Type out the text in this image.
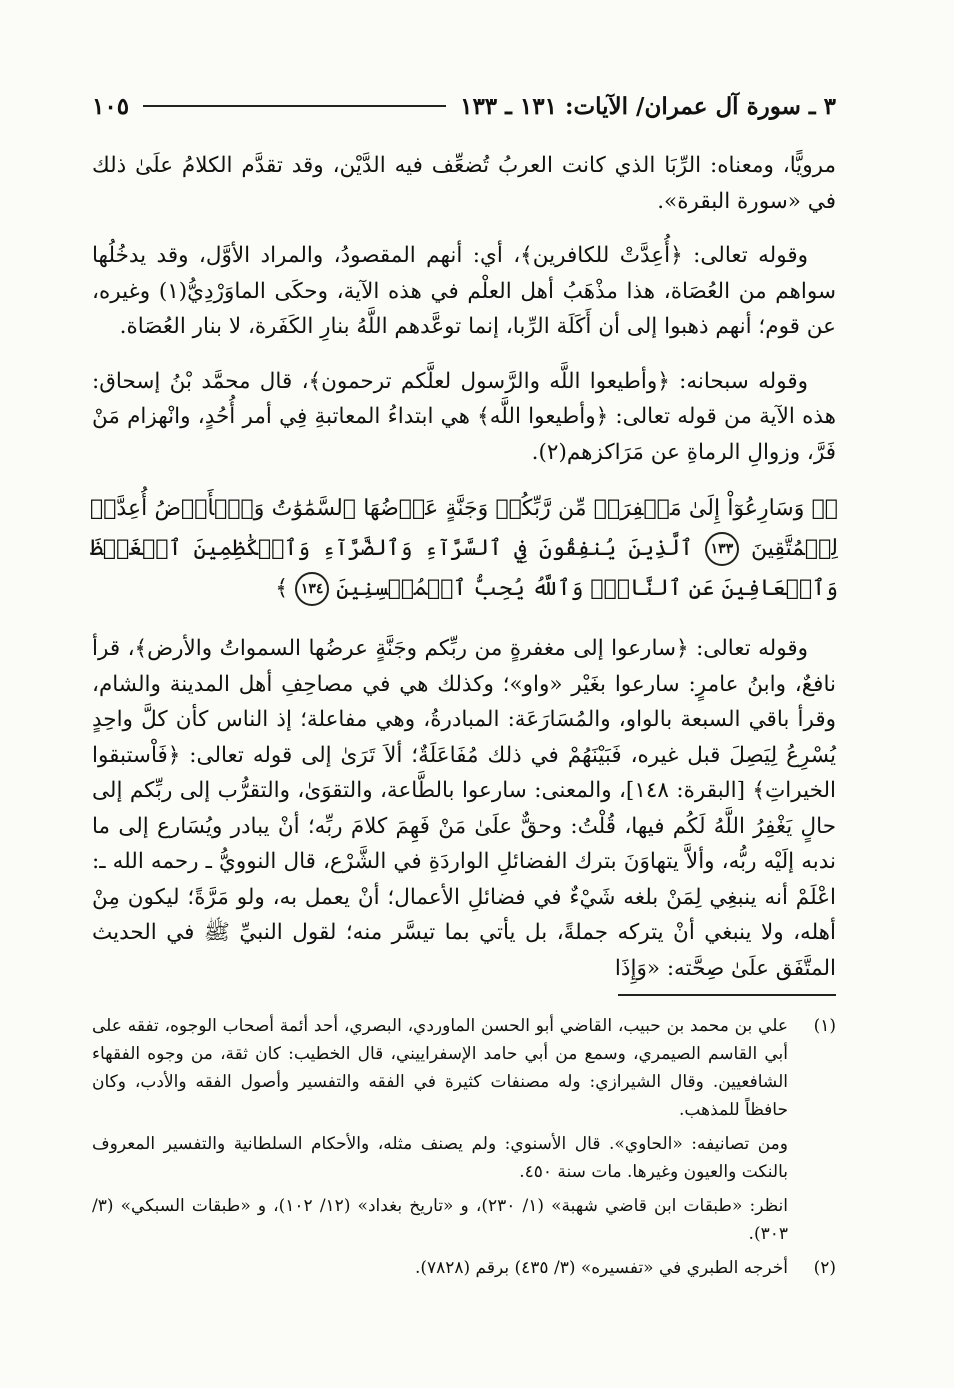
٣ ـ سورة آل عمران/ الآيات: ١٣١ ـ ١٣٣
١٠٥

مرويًّا، ومعناه: الرِّبَا الذي كانت العربُ تُضعِّف فيه الدَّيْن، وقد تقدَّم الكلامُ علَىٰ ذلك في «سورة البقرة».

وقوله تعالى: ﴿أُعِدَّتْ للكافرين﴾، أي: أنهم المقصودُ، والمراد الأوَّل، وقد يدخُلُها سواهم من العُصَاة، هذا مذْهَبُ أهل العلْم في هذه الآية، وحكَى الماوَرْدِيُّ(١) وغيره، عن قوم؛ أنهم ذهبوا إلى أن أَكَلَة الرِّبا، إنما توعَّدهم اللَّهُ بنارِ الكَفَرة، لا بنار العُصَاة.

وقوله سبحانه: ﴿وأطيعوا اللَّه والرَّسول لعلَّكم ترحمون﴾، قال محمَّد بْنُ إسحاق: هذه الآية من قوله تعالى: ﴿وأطيعوا اللَّه﴾ هي ابتداءُ المعاتبةِ فِي أمر أُحُدٍ، وانْهزام مَنْ فَرَّ، وزوالِ الرماةِ عن مَرَاكزهم(٢).

﴿۞ وَسَارِعُوٓاْ إِلَىٰ مَغۡفِرَةٖ مِّن رَّبِّكُمۡ وَجَنَّةٍ عَرۡضُهَا ٱلسَّمَٰوَٰتُ وَٱلۡأَرۡضُ أُعِدَّتۡ لِلۡمُتَّقِينَ ١٣٣ ٱلَّذِينَ يُنفِقُونَ فِي ٱلسَّرَّآءِ وَٱلضَّرَّآءِ وَٱلۡكَٰظِمِينَ ٱلۡغَيۡظَ وَٱلۡعَافِينَ عَنِ ٱلنَّاسِۗ وَٱللَّهُ يُحِبُّ ٱلۡمُحۡسِنِينَ ١٣٤ ﴾

وقوله تعالى: ﴿سارعوا إلى مغفرةٍ من ربِّكم وجَنَّةٍ عرضُها السمواتُ والأرض﴾، قرأ نافعٌ، وابنُ عامرٍ: سارعوا بغَيْر «واو»؛ وكذلك هي في مصاحِفِ أهل المدينة والشام، وقرأ باقي السبعة بالواو، والمُسَارَعَة: المبادرةُ، وهي مفاعلة؛ إذ الناس كأن كلَّ واحِدٍ يُسْرِعُ لِيَصِلَ قبل غيره، فَبَيْنَهُمْ في ذلك مُفَاعَلَةٌ؛ ألاَ تَرَىٰ إلى قوله تعالى: ﴿فَاْستبقوا الخيراتِ﴾ [البقرة: ١٤٨]، والمعنى: سارعوا بالطَّاعة، والتقوَىٰ، والتقرُّب إلى ربِّكم إلى حالٍ يَغْفِرُ اللَّهُ لَكُم فيها، قُلْتُ: وحقٌّ علَىٰ مَنْ فَهِمَ كلامَ ربِّه؛ أنْ يبادر ويُسَارع إلى ما ندبه إلَيْه ربُّه، وألاَّ يتهاوَنَ بترك الفضائلِ الواردَةِ في الشَّرْع، قال النوويُّ ـ رحمه الله ـ: اعْلَمْ أنه ينبغِي لِمَنْ بلغه شَيْءٌ في فضائلِ الأعمال؛ أنْ يعمل به، ولو مَرَّةً؛ ليكون مِنْ أهله، ولا ينبغي أنْ يتركه جملةً، بل يأتي بما تيسَّر منه؛ لقول النبيِّ ﷺ في الحديث المتَّفَق علَىٰ صِحَّته: «وَإِذَا

(١)
علي بن محمد بن حبيب، القاضي أبو الحسن الماوردي، البصري، أحد أئمة أصحاب الوجوه، تفقه على أبي القاسم الصيمري، وسمع من أبي حامد الإسفراييني، قال الخطيب: كان ثقة، من وجوه الفقهاء الشافعيين. وقال الشيرازي: وله مصنفات كثيرة في الفقه والتفسير وأصول الفقه والأدب، وكان حافظاً للمذهب.
ومن تصانيفه: «الحاوي». قال الأسنوي: ولم يصنف مثله، والأحكام السلطانية والتفسير المعروف بالنكت والعيون وغيرها. مات سنة ٤٥٠.
انظر: «طبقات ابن قاضي شهبة» (١/ ٢٣٠)، و «تاريخ بغداد» (١٢/ ١٠٢)، و «طبقات السبكي» (٣/ ٣٠٣).
(٢)
أخرجه الطبري في «تفسيره» (٣/ ٤٣٥) برقم (٧٨٢٨).
